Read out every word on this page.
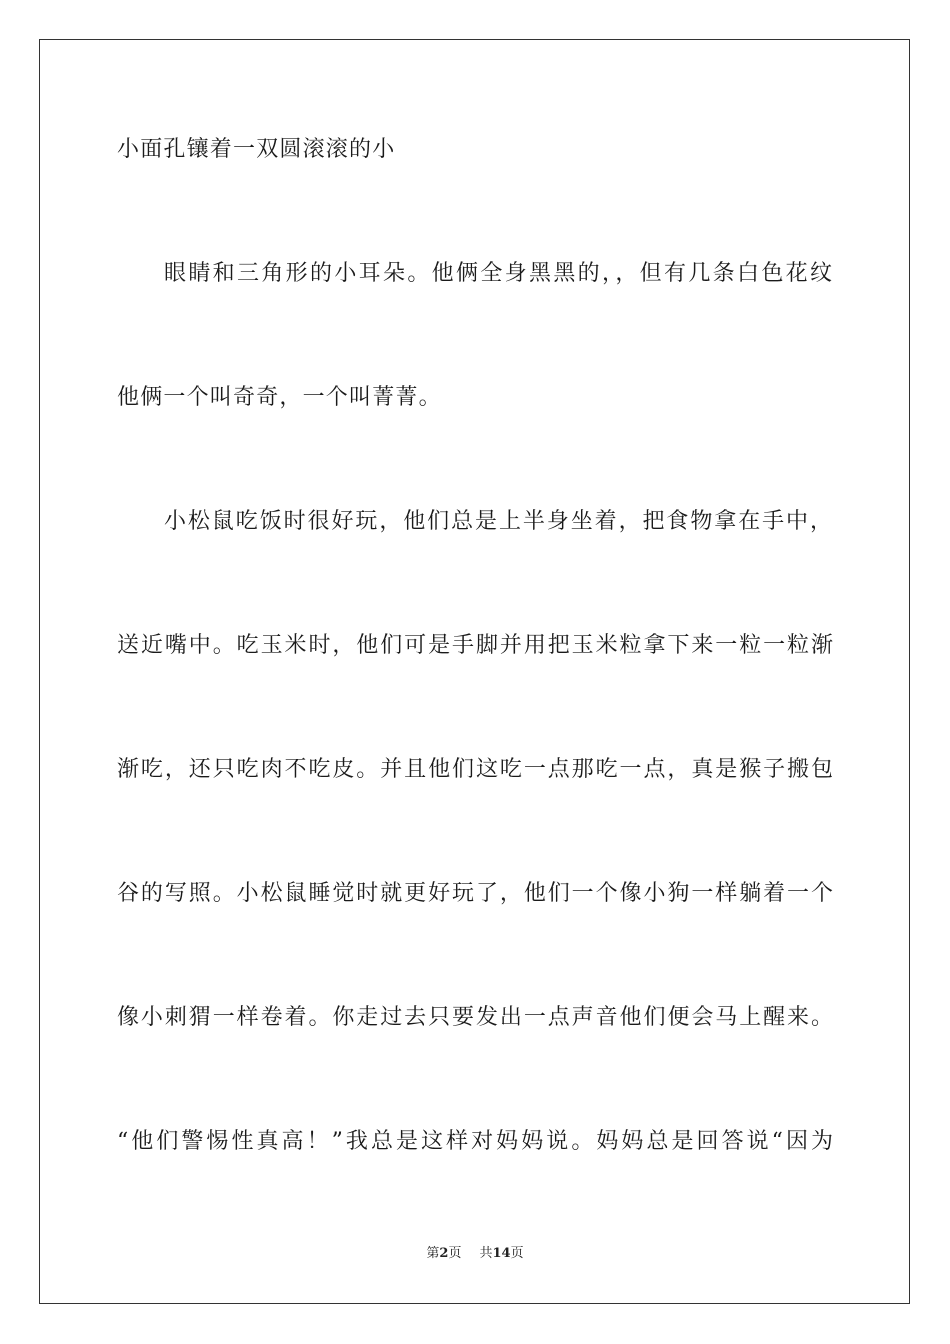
小面孔镶着一双圆滚滚的小
眼睛和三角形的小耳朵。他俩全身黑黑的，，但有几条白色花纹
他俩一个叫奇奇，一个叫菁菁。
小松鼠吃饭时很好玩，他们总是上半身坐着，把食物拿在手中，
送近嘴中。吃玉米时，他们可是手脚并用把玉米粒拿下来一粒一粒渐
渐吃，还只吃肉不吃皮。并且他们这吃一点那吃一点，真是猴子搬包
谷的写照。小松鼠睡觉时就更好玩了，他们一个像小狗一样躺着一个
像小刺猬一样卷着。你走过去只要发出一点声音他们便会马上醒来。
“他们警惕性真高！”我总是这样对妈妈说。妈妈总是回答说“因为
第2页 共14页
